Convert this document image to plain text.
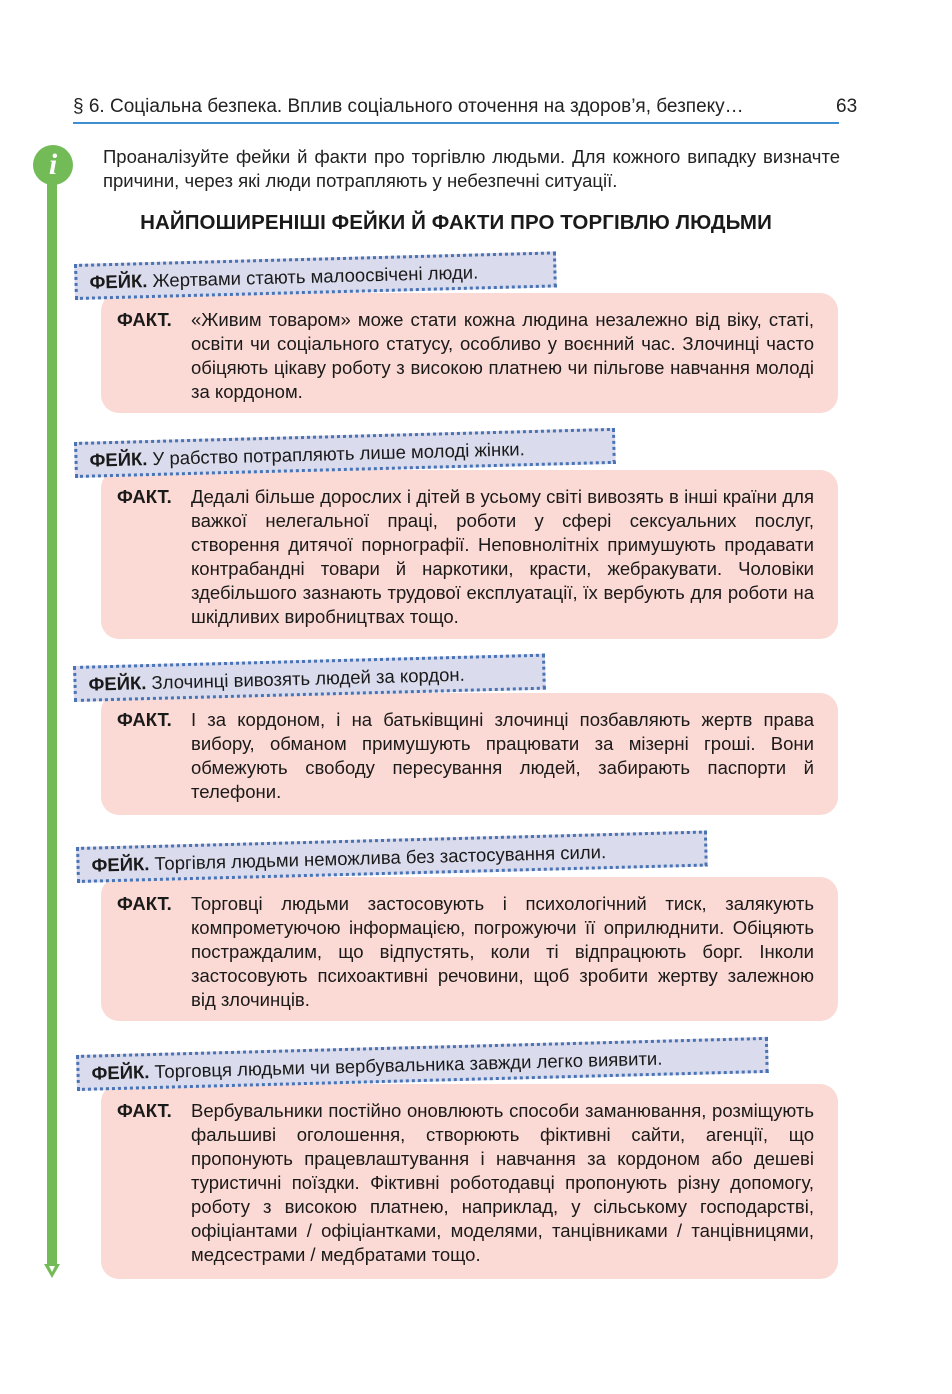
§ 6. Соціальна безпека. Вплив соціального оточення на здоров’я, безпеку…	63
i	Проаналізуйте фейки й факти про торгівлю людьми. Для кожного випадку визначте причини, через які люди потрапляють у небезпечні ситуації.
НАЙПОШИРЕНІШІ ФЕЙКИ Й ФАКТИ ПРО ТОРГІВЛЮ ЛЮДЬМИ
ФАКТ. «Живим товаром» може стати кожна людина незалежно від віку, статі, освіти чи соціального статусу, особливо у воєнний час. Злочинці часто обіцяють цікаву роботу з високою платнею чи пільгове навчання молоді за кордоном.
ФЕЙК. Жертвами стають малоосвічені люди.
ФАКТ. Дедалі більше дорослих і дітей в усьому світі вивозять в інші країни для важкої нелегальної праці, роботи у сфері сексуальних послуг, створення дитячої порнографії. Неповнолітніх примушують продавати контрабандні товари й наркотики, красти, жебракувати. Чоловіки здебільшого зазнають трудової експлуатації, їх вербують для роботи на шкідливих виробництвах тощо.
ФЕЙК. У рабство потрапляють лише молоді жінки.
ФАКТ. І за кордоном, і на батьківщині злочинці позбавляють жертв права вибору, обманом примушують працювати за мізерні гроші. Вони обмежують свободу пересування людей, забирають паспорти й телефони.
ФЕЙК. Злочинці вивозять людей за кордон.
ФАКТ. Торговці людьми застосовують і психологічний тиск, залякують компрометуючою інформацією, погрожуючи її оприлюднити. Обіцяють постраждалим, що відпустять, коли ті відпрацюють борг. Інколи застосовують психоактивні речовини, щоб зробити жертву залежною від злочинців.
ФЕЙК. Торгівля людьми неможлива без застосування сили.
ФАКТ. Вербувальники постійно оновлюють способи заманювання, розміщують фальшиві оголошення, створюють фіктивні сайти, агенції, що пропонують працевлаштування і навчання за кордоном або дешеві туристичні поїздки. Фіктивні роботодавці пропонують різну допомогу, роботу з високою платнею, наприклад, у сільському господарстві, офіціантами / офіціантками, моделями, танцівниками / танцівницями, медсестрами / медбратами тощо.
ФЕЙК. Торговця людьми чи вербувальника завжди легко виявити.
